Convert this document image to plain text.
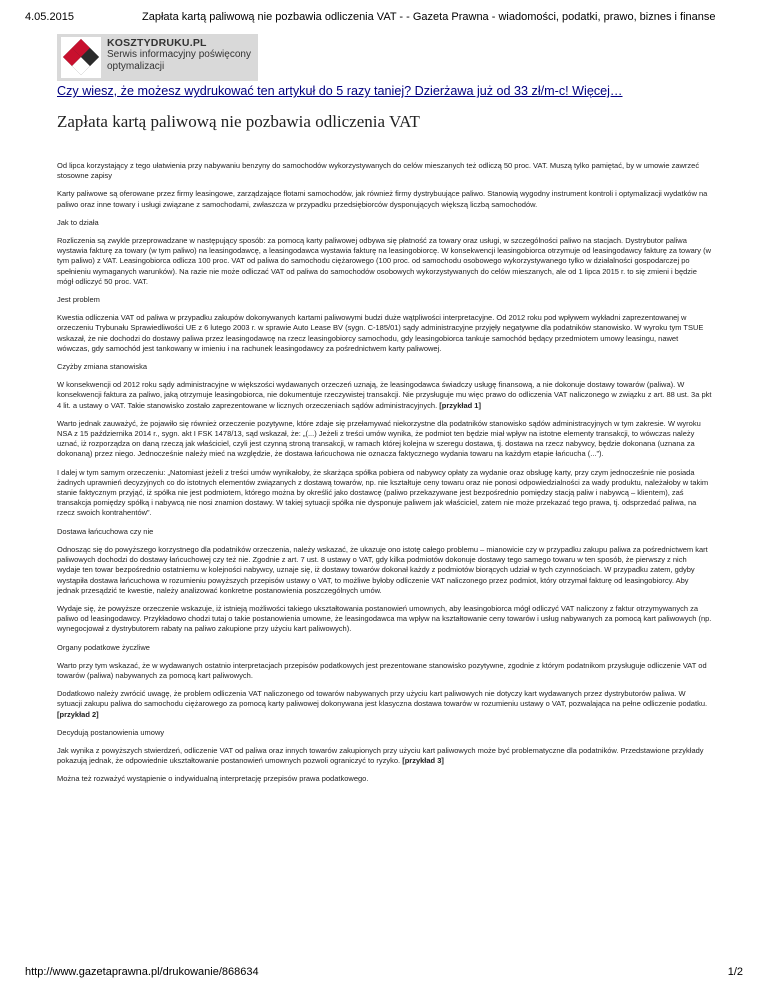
4.05.2015	Zapłata kartą paliwową nie pozbawia odliczenia VAT - - Gazeta Prawna - wiadomości, podatki, prawo, biznes i finanse
KOSZTYDRUKU.PL
Serwis informacyjny poświęcony
optymalizacji
Czy wiesz, że możesz wydrukować ten artykuł do 5 razy taniej? Dzierżawa już od 33 zł/m-c! Więcej…
Zapłata kartą paliwową nie pozbawia odliczenia VAT

Od lipca korzystający z tego ułatwienia przy nabywaniu benzyny do samochodów wykorzystywanych do celów mieszanych też odliczą 50 proc. VAT. Muszą tylko pamiętać, by w umowie zawrzeć stosowne zapisy

Karty paliwowe są oferowane przez firmy leasingowe, zarządzające flotami samochodów, jak również firmy dystrybuujące paliwo. Stanowią wygodny instrument kontroli i optymalizacji wydatków na paliwo oraz inne towary i usługi związane z samochodami, zwłaszcza w przypadku przedsiębiorców dysponujących większą liczbą samochodów.

Jak to działa

Rozliczenia są zwykle przeprowadzane w następujący sposób: za pomocą karty paliwowej odbywa się płatność za towary oraz usługi, w szczególności paliwo na stacjach. Dystrybutor paliwa wystawia fakturę za towary (w tym paliwo) na leasingodawcę, a leasingodawca wystawia fakturę na leasingobiorcę. W konsekwencji leasingobiorca otrzymuje od leasingodawcy fakturę za towary (w tym paliwo) z VAT. Leasingobiorca odlicza 100 proc. VAT od paliwa do samochodu ciężarowego (100 proc. od samochodu osobowego wykorzystywanego tylko w działalności gospodarczej po spełnieniu wymaganych warunków). Na razie nie może odliczać VAT od paliwa do samochodów osobowych wykorzystywanych do celów mieszanych, ale od 1 lipca 2015 r. to się zmieni i będzie mógł odliczyć 50 proc. VAT.

Jest problem

Kwestia odliczenia VAT od paliwa w przypadku zakupów dokonywanych kartami paliwowymi budzi duże wątpliwości interpretacyjne. Od 2012 roku pod wpływem wykładni zaprezentowanej w orzeczeniu Trybunału Sprawiedliwości UE z 6 lutego 2003 r. w sprawie Auto Lease BV (sygn. C-185/01) sądy administracyjne przyjęły negatywne dla podatników stanowisko. W wyroku tym TSUE wskazał, że nie dochodzi do dostawy paliwa przez leasingodawcę na rzecz leasingobiorcy samochodu, gdy leasingobiorca tankuje samochód będący przedmiotem umowy leasingu, nawet wówczas, gdy samochód jest tankowany w imieniu i na rachunek leasingodawcy za pośrednictwem karty paliwowej.

Czyżby zmiana stanowiska

W konsekwencji od 2012 roku sądy administracyjne w większości wydawanych orzeczeń uznają, że leasingodawca świadczy usługę finansową, a nie dokonuje dostawy towarów (paliwa). W konsekwencji faktura za paliwo, jaką otrzymuje leasingobiorca, nie dokumentuje rzeczywistej transakcji. Nie przysługuje mu więc prawo do odliczenia VAT naliczonego w związku z art. 88 ust. 3a pkt 4 lit. a ustawy o VAT. Takie stanowisko zostało zaprezentowane w licznych orzeczeniach sądów administracyjnych. [przykład 1]

Warto jednak zauważyć, że pojawiło się również orzeczenie pozytywne, które zdaje się przełamywać niekorzystne dla podatników stanowisko sądów administracyjnych w tym zakresie. W wyroku NSA z 15 października 2014 r., sygn. akt I FSK 1478/13, sąd wskazał, że: „(...) Jeżeli z treści umów wynika, że podmiot ten będzie miał wpływ na istotne elementy transakcji, to wówczas należy uznać, iż rozporządza on daną rzeczą jak właściciel, czyli jest czynną stroną transakcji, w ramach której kolejna w szeregu dostawa, tj. dostawa na rzecz nabywcy, będzie dokonana (uznana za dokonaną) przez niego. Jednocześnie należy mieć na względzie, że dostawa łańcuchowa nie oznacza faktycznego wydania towaru na każdym etapie łańcucha (...”).

I dalej w tym samym orzeczeniu: „Natomiast jeżeli z treści umów wynikałoby, że skarżąca spółka pobiera od nabywcy opłaty za wydanie oraz obsługę karty, przy czym jednocześnie nie posiada żadnych uprawnień decyzyjnych co do istotnych elementów związanych z dostawą towarów, np. nie kształtuje ceny towaru oraz nie ponosi odpowiedzialności za wady produktu, należałoby w takim stanie faktycznym przyjąć, iż spółka nie jest podmiotem, którego można by określić jako dostawcę (paliwo przekazywane jest bezpośrednio pomiędzy stacją paliw i nabywcą – klientem), zaś transakcja pomiędzy spółką i nabywcą nie nosi znamion dostawy. W takiej sytuacji spółka nie dysponuje paliwem jak właściciel, zatem nie może przekazać tego prawa, tj. odsprzedać paliwa, na rzecz swoich kontrahentów”.

Dostawa łańcuchowa czy nie

Odnosząc się do powyższego korzystnego dla podatników orzeczenia, należy wskazać, że ukazuje ono istotę całego problemu – mianowicie czy w przypadku zakupu paliwa za pośrednictwem kart paliwowych dochodzi do dostawy łańcuchowej czy też nie. Zgodnie z art. 7 ust. 8 ustawy o VAT, gdy kilka podmiotów dokonuje dostawy tego samego towaru w ten sposób, że pierwszy z nich wydaje ten towar bezpośrednio ostatniemu w kolejności nabywcy, uznaje się, iż dostawy towarów dokonał każdy z podmiotów biorących udział w tych czynnościach. W przypadku zatem, gdyby wystąpiła dostawa łańcuchowa w rozumieniu powyższych przepisów ustawy o VAT, to możliwe byłoby odliczenie VAT naliczonego przez podmiot, który otrzymał fakturę od leasingobiorcy. Aby jednak przesądzić te kwestie, należy analizować konkretne postanowienia poszczególnych umów.

Wydaje się, że powyższe orzeczenie wskazuje, iż istnieją możliwości takiego ukształtowania postanowień umownych, aby leasingobiorca mógł odliczyć VAT naliczony z faktur otrzymywanych za paliwo od leasingodawcy. Przykładowo chodzi tutaj o takie postanowienia umowne, że leasingodawca ma wpływ na kształtowanie ceny towarów i usług nabywanych za pomocą kart paliwowych (np. wynegocjował z dystrybutorem rabaty na paliwo zakupione przy użyciu kart paliwowych).

Organy podatkowe życzliwe

Warto przy tym wskazać, że w wydawanych ostatnio interpretacjach przepisów podatkowych jest prezentowane stanowisko pozytywne, zgodnie z którym podatnikom przysługuje odliczenie VAT od towarów (paliwa) nabywanych za pomocą kart paliwowych.

Dodatkowo należy zwrócić uwagę, że problem odliczenia VAT naliczonego od towarów nabywanych przy użyciu kart paliwowych nie dotyczy kart wydawanych przez dystrybutorów paliwa. W sytuacji zakupu paliwa do samochodu ciężarowego za pomocą karty paliwowej dokonywana jest klasyczna dostawa towarów w rozumieniu ustawy o VAT, pozwalająca na pełne odliczenie podatku.[przykład 2]

Decydują postanowienia umowy

Jak wynika z powyższych stwierdzeń, odliczenie VAT od paliwa oraz innych towarów zakupionych przy użyciu kart paliwowych może być problematyczne dla podatników. Przedstawione przykłady pokazują jednak, że odpowiednie ukształtowanie postanowień umownych pozwoli ograniczyć to ryzyko. [przykład 3]

Można też rozważyć wystąpienie o indywidualną interpretację przepisów prawa podatkowego.

http://www.gazetaprawna.pl/drukowanie/868634	1/2
